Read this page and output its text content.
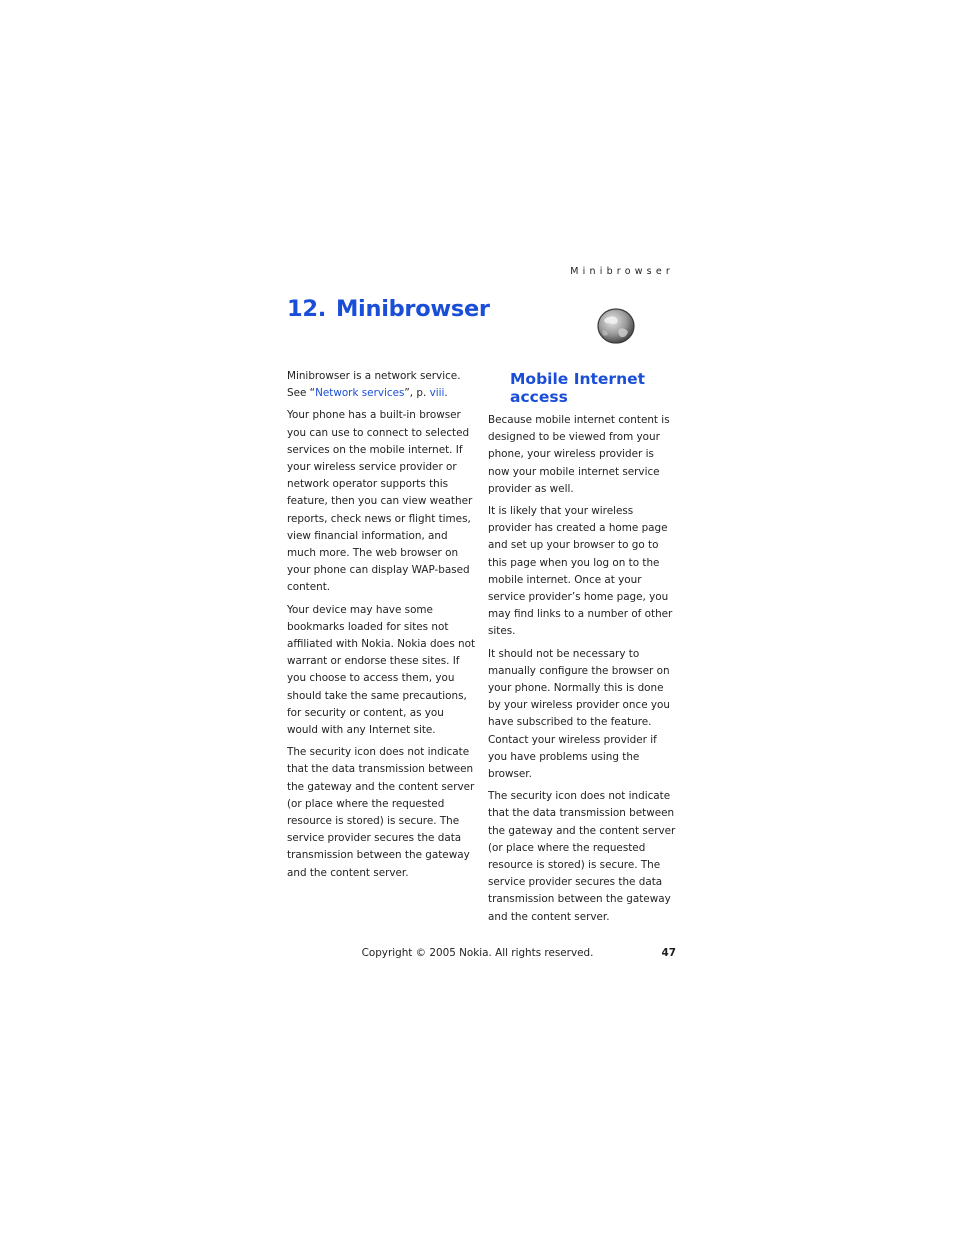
Minibrowser
12. Minibrowser

Minibrowser is a network service.
See “Network services”, p. viii.

Your phone has a built-in browser you can use to connect to selected services on the mobile internet. If your wireless service provider or network operator supports this feature, then you can view weather reports, check news or flight times, view financial information, and much more. The web browser on your phone can display WAP-based content.

Your device may have some bookmarks loaded for sites not affiliated with Nokia. Nokia does not warrant or endorse these sites. If you choose to access them, you should take the same precautions, for security or content, as you would with any Internet site.

The security icon does not indicate that the data transmission between the gateway and the content server (or place where the requested resource is stored) is secure. The service provider secures the data transmission between the gateway and the content server.

Mobile Internet access

Because mobile internet content is designed to be viewed from your phone, your wireless provider is now your mobile internet service provider as well.

It is likely that your wireless provider has created a home page and set up your browser to go to this page when you log on to the mobile internet. Once at your service provider’s home page, you may find links to a number of other sites.

It should not be necessary to manually configure the browser on your phone. Normally this is done by your wireless provider once you have subscribed to the feature. Contact your wireless provider if you have problems using the browser.

The security icon does not indicate that the data transmission between the gateway and the content server (or place where the requested resource is stored) is secure. The service provider secures the data transmission between the gateway and the content server.

Copyright © 2005 Nokia. All rights reserved.	47
